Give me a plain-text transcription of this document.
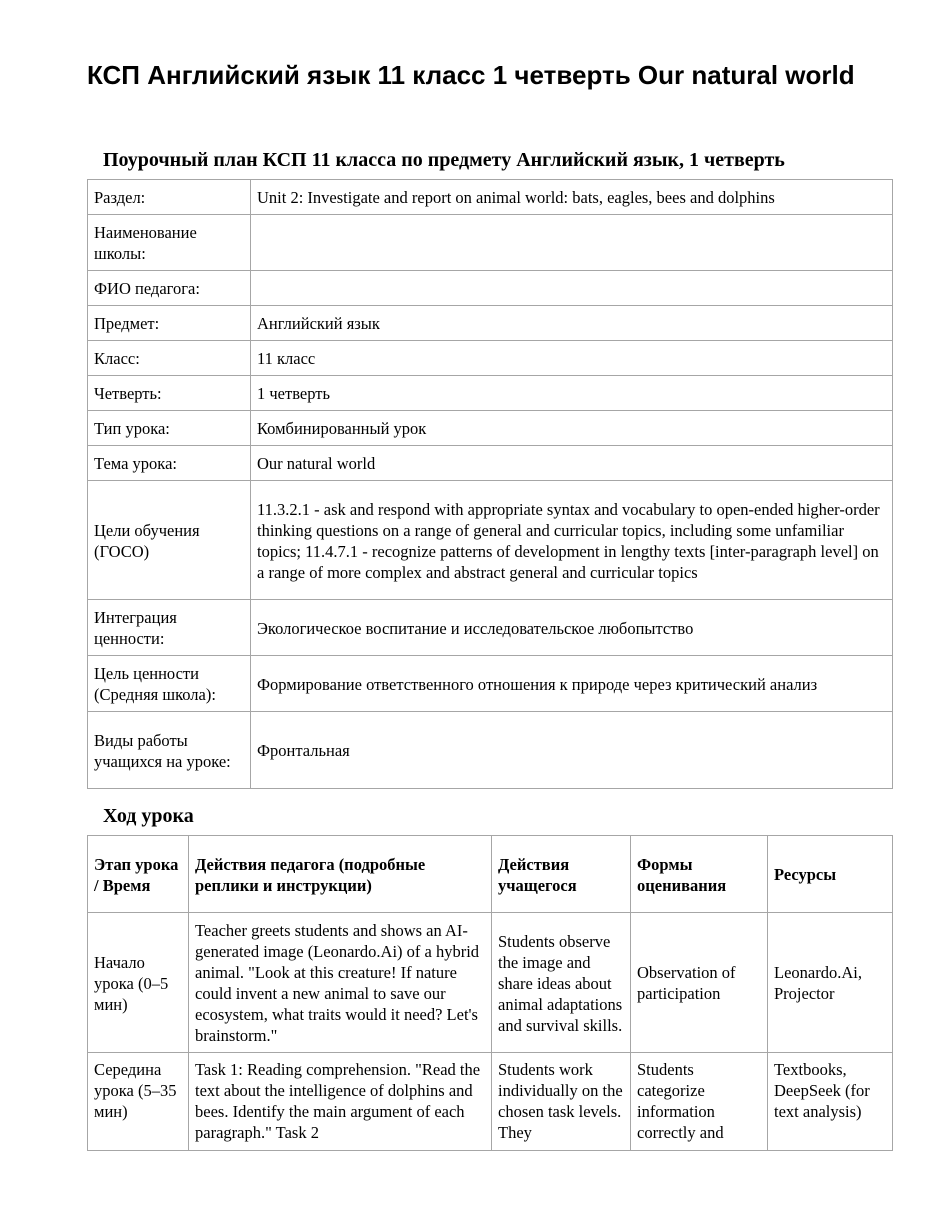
КСП Английский язык 11 класс 1 четверть Our natural world
Поурочный план КСП 11 класса по предмету Английский язык, 1 четверть
Раздел:	Unit 2: Investigate and report on animal world: bats, eagles, bees and dolphins
Наименование школы:	
ФИО педагога:	
Предмет:	Английский язык
Класс:	11 класс
Четверть:	1 четверть
Тип урока:	Комбинированный урок
Тема урока:	Our natural world
Цели обучения (ГОСО)	11.3.2.1 - ask and respond with appropriate syntax and vocabulary to open-ended higher-order thinking questions on a range of general and curricular topics, including some unfamiliar topics; 11.4.7.1 - recognize patterns of development in lengthy texts [inter-paragraph level] on a range of more complex and abstract general and curricular topics
Интеграция ценности:	Экологическое воспитание и исследовательское любопытство
Цель ценности (Средняя школа):	Формирование ответственного отношения к природе через критический анализ
Виды работы учащихся на уроке:	Фронтальная
Ход урока
Этап урока / Время	Действия педагога (подробные реплики и инструкции)	Действия учащегося	Формы оценивания	Ресурсы
Начало урока (0–5 мин)	Teacher greets students and shows an AI-generated image (Leonardo.Ai) of a hybrid animal. "Look at this creature! If nature could invent a new animal to save our ecosystem, what traits would it need? Let's brainstorm."	Students observe the image and share ideas about animal adaptations and survival skills.	Observation of participation	Leonardo.Ai, Projector
Середина урока (5–35 мин)	Task 1: Reading comprehension. "Read the text about the intelligence of dolphins and bees. Identify the main argument of each paragraph." Task 2	Students work individually on the chosen task levels. They	Students categorize information correctly and	Textbooks, DeepSeek (for text analysis)
